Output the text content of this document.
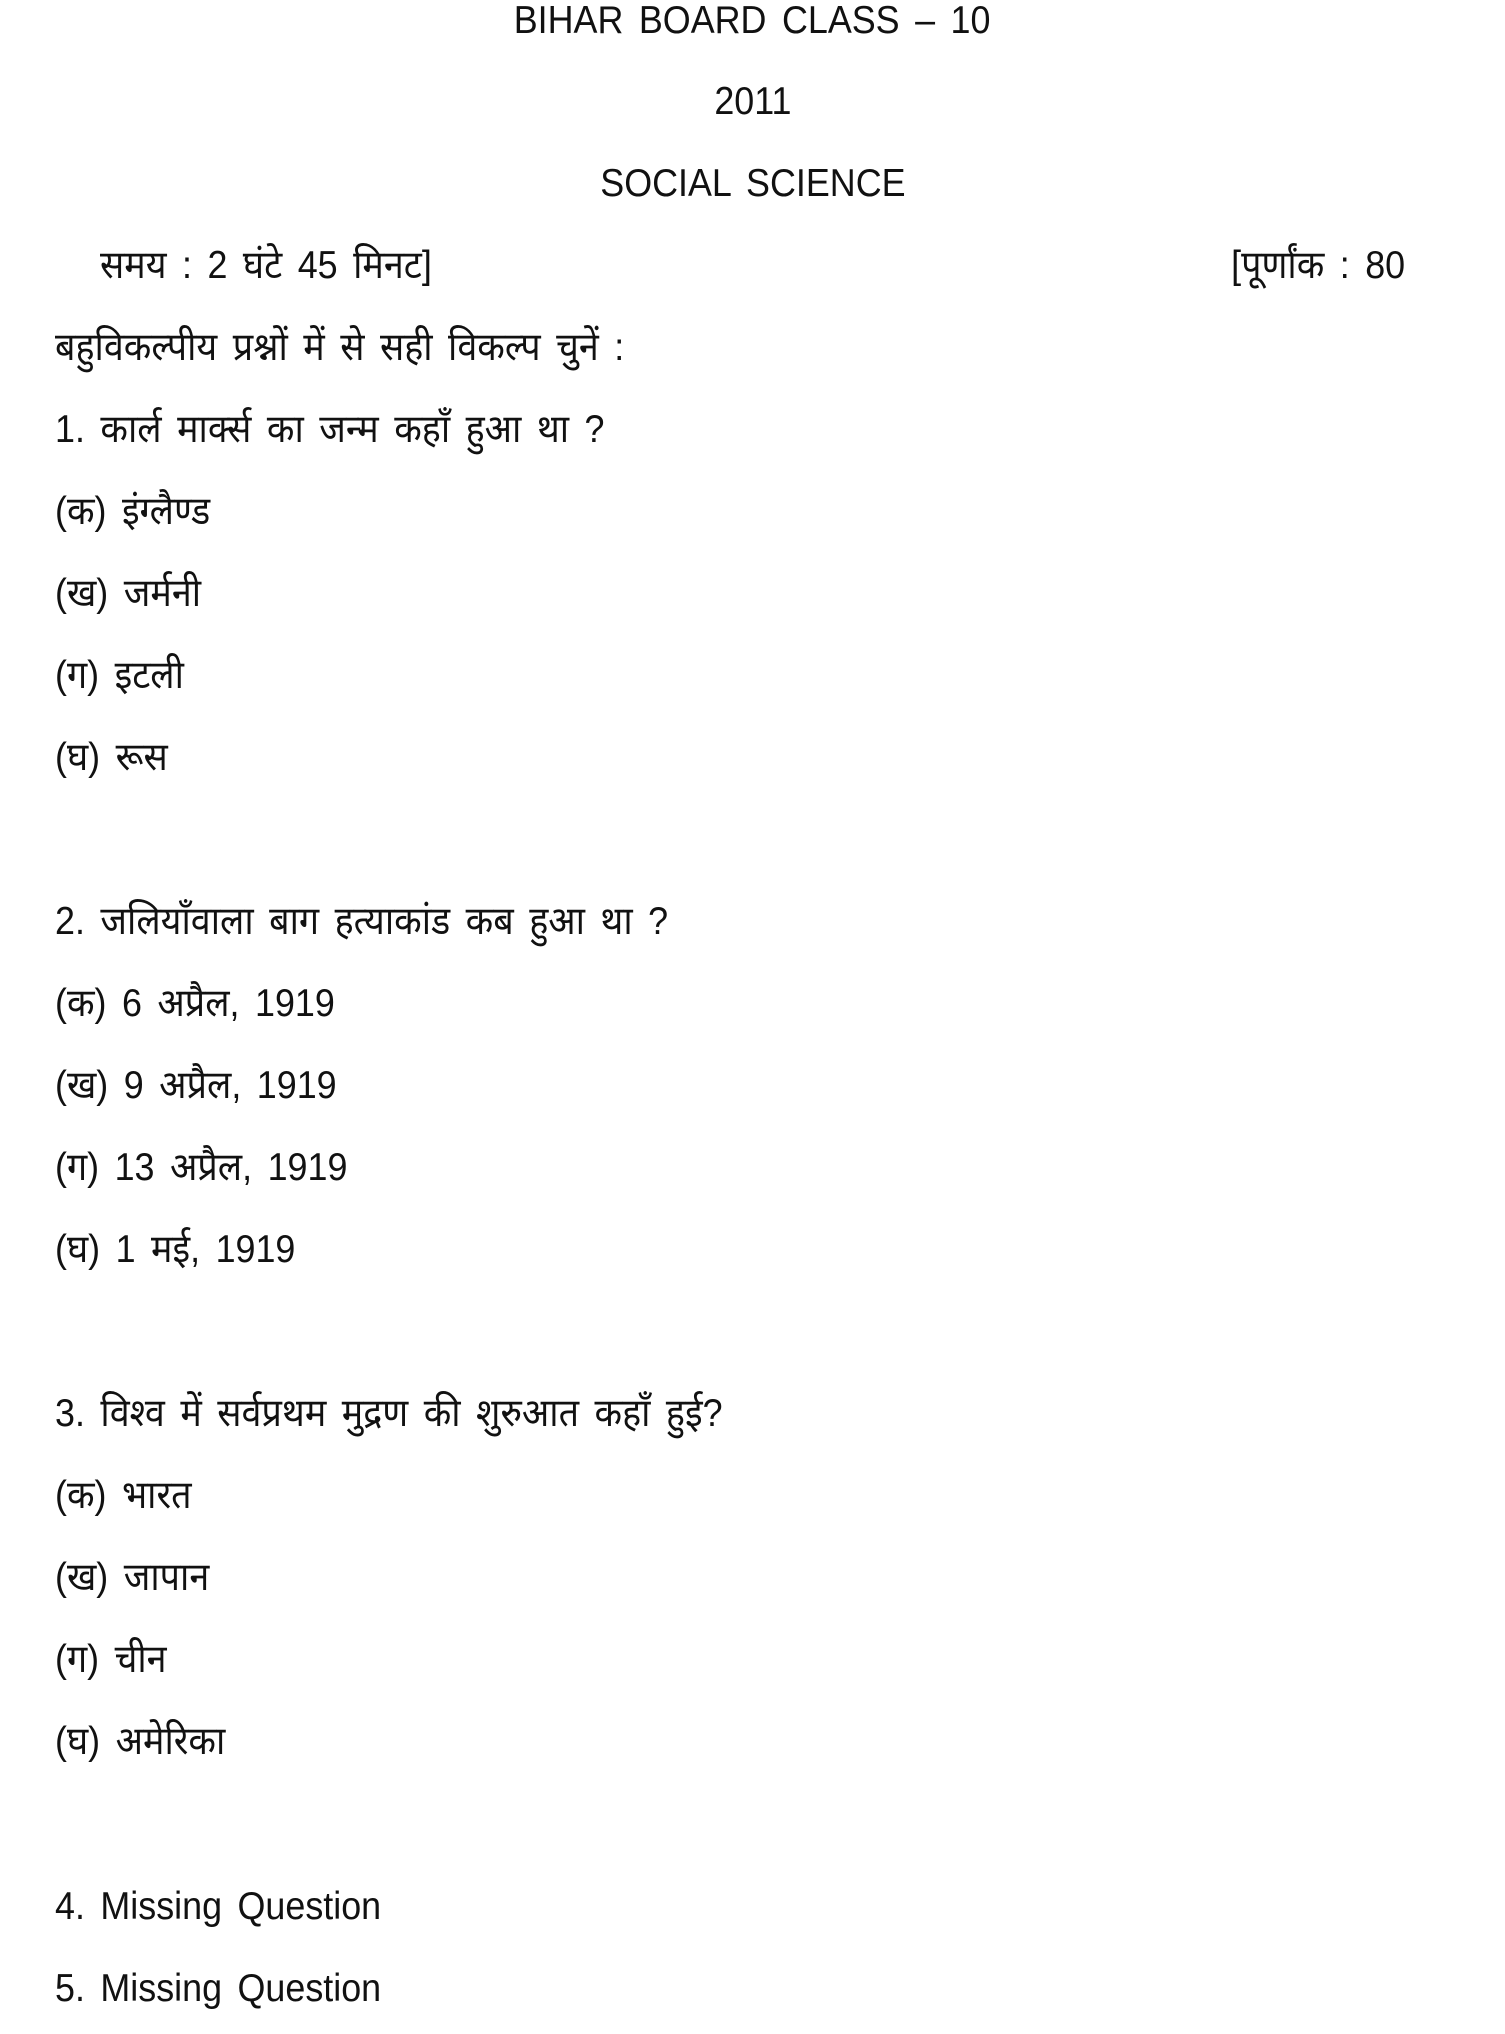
BIHAR BOARD CLASS – 10
2011
SOCIAL SCIENCE
समय : 2 घंटे 45 मिनट]	[पूर्णांक : 80
बहुविकल्पीय प्रश्नों में से सही विकल्प चुनें :
1. कार्ल मार्क्स का जन्म कहाँ हुआ था ?
(क) इंग्लैण्ड
(ख) जर्मनी
(ग) इटली
(घ) रूस
2. जलियाँवाला बाग हत्याकांड कब हुआ था ?
(क) 6 अप्रैल, 1919
(ख) 9 अप्रैल, 1919
(ग) 13 अप्रैल, 1919
(घ) 1 मई, 1919
3. विश्व में सर्वप्रथम मुद्रण की शुरुआत कहाँ हुई?
(क) भारत
(ख) जापान
(ग) चीन
(घ) अमेरिका
4. Missing Question
5. Missing Question
